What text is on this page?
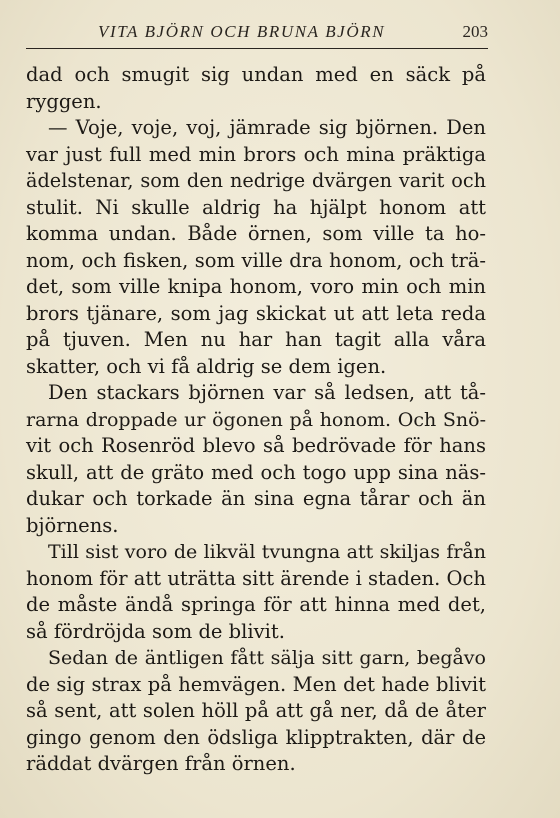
VITA BJÖRN OCH BRUNA BJÖRN	203
dad och smugit sig undan med en säck på
ryggen.
— Voje, voje, voj, jämrade sig björnen. Den
var just full med min brors och mina präktiga
ädelstenar, som den nedrige dvärgen varit och
stulit. Ni skulle aldrig ha hjälpt honom att
komma undan. Både örnen, som ville ta ho-
nom, och fisken, som ville dra honom, och trä-
det, som ville knipa honom, voro min och min
brors tjänare, som jag skickat ut att leta reda
på tjuven. Men nu har han tagit alla våra
skatter, och vi få aldrig se dem igen.
Den stackars björnen var så ledsen, att tå-
rarna droppade ur ögonen på honom. Och Snö-
vit och Rosenröd blevo så bedrövade för hans
skull, att de gräto med och togo upp sina näs-
dukar och torkade än sina egna tårar och än
björnens.
Till sist voro de likväl tvungna att skiljas från
honom för att uträtta sitt ärende i staden. Och
de måste ändå springa för att hinna med det,
så fördröjda som de blivit.
Sedan de äntligen fått sälja sitt garn, begåvo
de sig strax på hemvägen. Men det hade blivit
så sent, att solen höll på att gå ner, då de åter
gingo genom den ödsliga klipptrakten, där de
räddat dvärgen från örnen.
